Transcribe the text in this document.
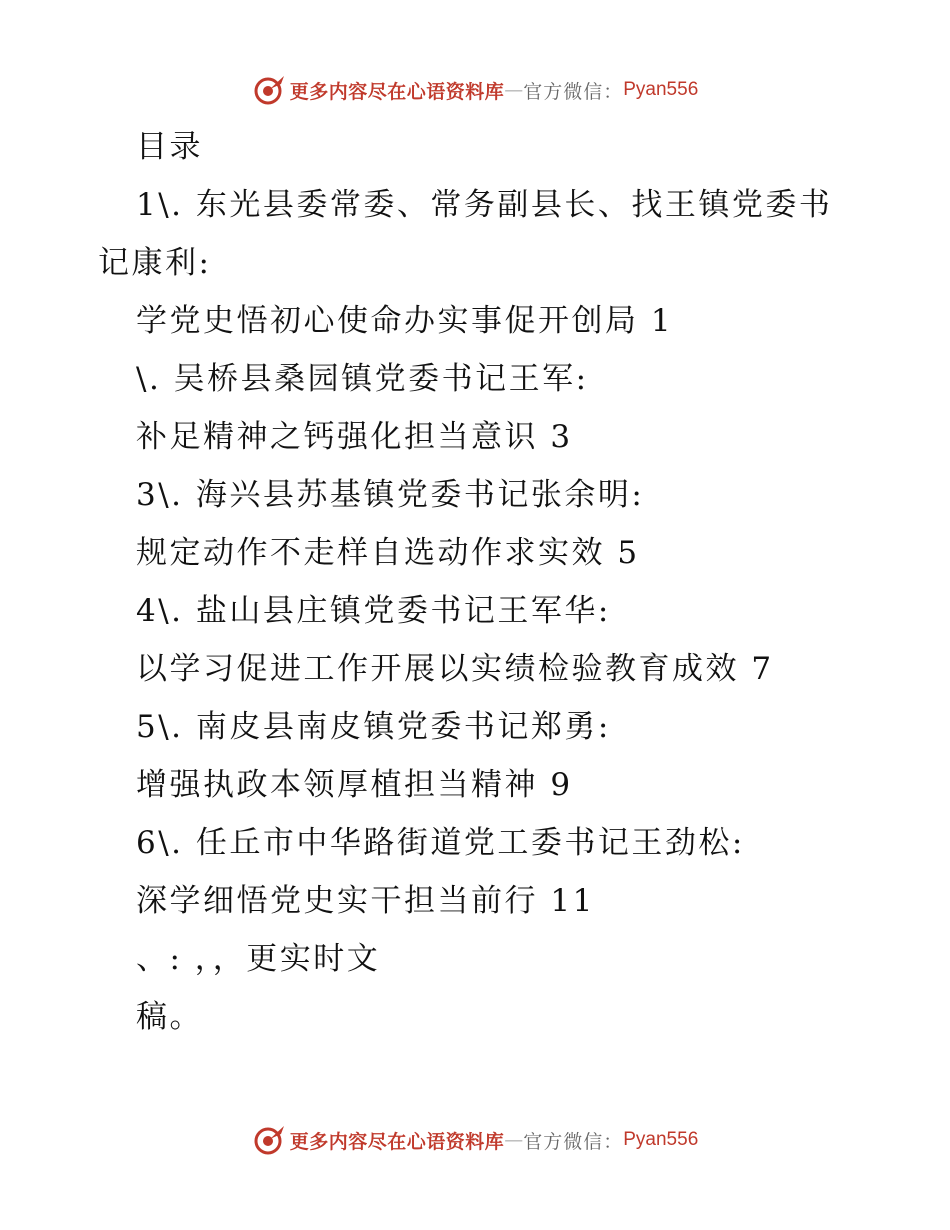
更多内容尽在心语资料库 — 官方微信： Pyan556
目录
1\. 东光县委常委、常务副县长、找王镇党委书
记康利:
学党史悟初心使命办实事促开创局 1
\. 吴桥县桑园镇党委书记王军:
补足精神之钙强化担当意识 3
3\. 海兴县苏基镇党委书记张余明:
规定动作不走样自选动作求实效 5
4\. 盐山县庄镇党委书记王军华:
以学习促进工作开展以实绩检验教育成效 7
5\. 南皮县南皮镇党委书记郑勇:
增强执政本领厚植担当精神 9
6\. 任丘市中华路街道党工委书记王劲松:
深学细悟党史实干担当前行 11
、: ，，更实时文
稿。
更多内容尽在心语资料库 — 官方微信： Pyan556
